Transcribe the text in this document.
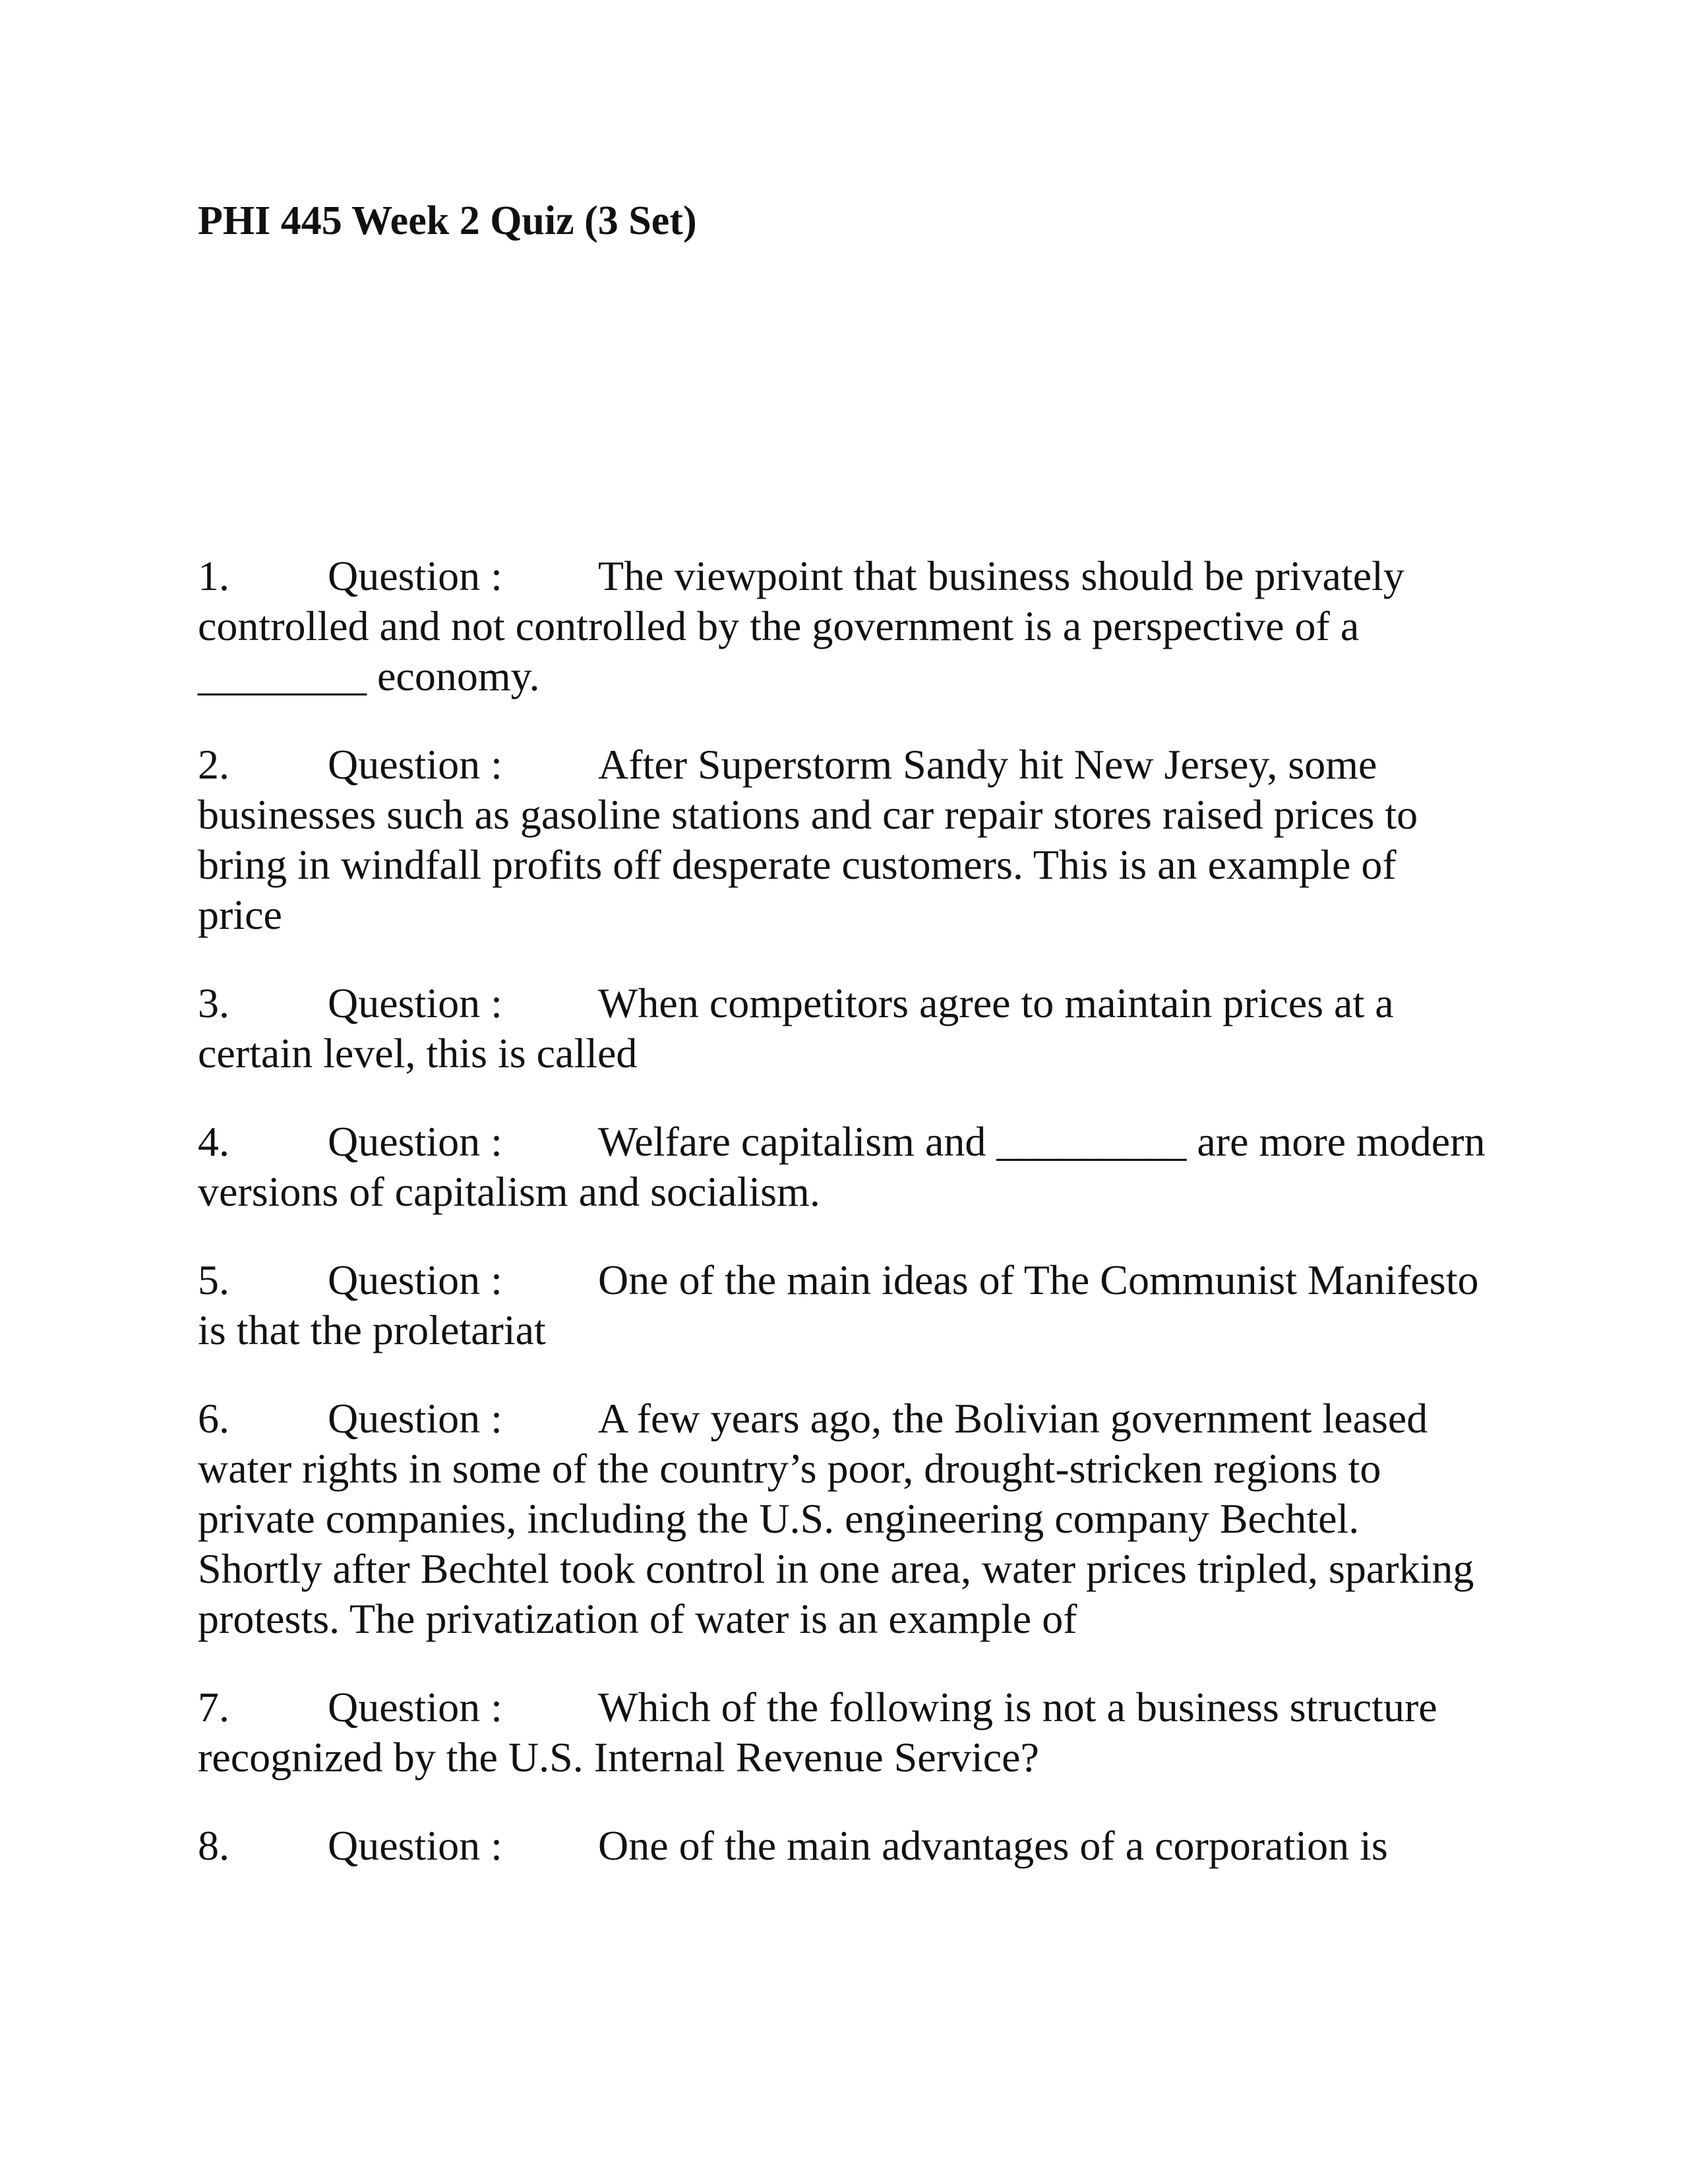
PHI 445 Week 2 Quiz (3 Set)
1. Question : The viewpoint that business should be privately controlled and not controlled by the government is a perspective of a ________ economy.
2. Question : After Superstorm Sandy hit New Jersey, some businesses such as gasoline stations and car repair stores raised prices to bring in windfall profits off desperate customers. This is an example of price
3. Question : When competitors agree to maintain prices at a certain level, this is called
4. Question : Welfare capitalism and _________ are more modern versions of capitalism and socialism.
5. Question : One of the main ideas of The Communist Manifesto is that the proletariat
6. Question : A few years ago, the Bolivian government leased water rights in some of the country’s poor, drought-stricken regions to private companies, including the U.S. engineering company Bechtel. Shortly after Bechtel took control in one area, water prices tripled, sparking protests. The privatization of water is an example of
7. Question : Which of the following is not a business structure recognized by the U.S. Internal Revenue Service?
8. Question : One of the main advantages of a corporation is
